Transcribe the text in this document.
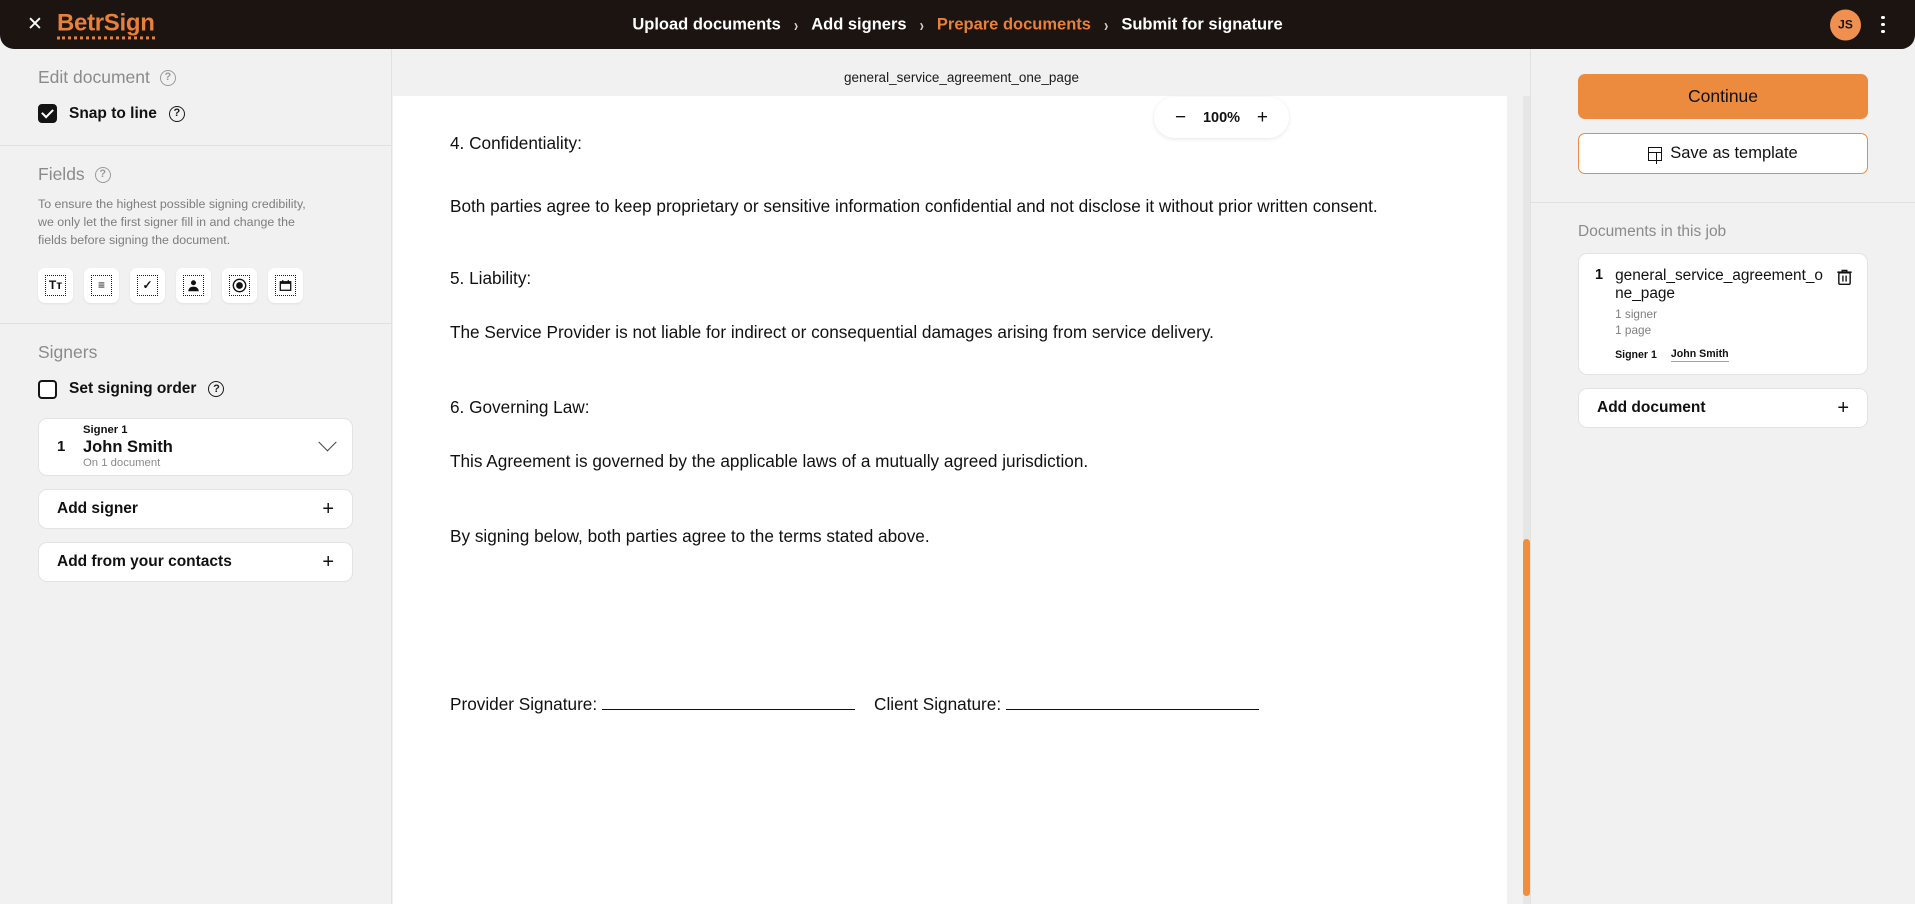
✕ BetrSign	Upload documents › Add signers › Prepare documents › Submit for signature	JS
Edit document	?
Snap to line	?
Fields	?
To ensure the highest possible signing credibility, we only let the first signer fill in and change the fields before signing the document.
Tт	≡	✓
Signers
Set signing order	?
1
Signer 1
John Smith
On 1 document
Add signer	+
Add from your contacts	+
general_service_agreement_one_page
− 100% +

4. Confidentiality:

Both parties agree to keep proprietary or sensitive information confidential and not disclose it without prior written consent.

5. Liability:

The Service Provider is not liable for indirect or consequential damages arising from service delivery.

6. Governing Law:

This Agreement is governed by the applicable laws of a mutually agreed jurisdiction.

By signing below, both parties agree to the terms stated above.

Provider Signature:	Client Signature:
Continue
Save as template
Documents in this job
1 general_service_agreement_one_page
1 signer
1 page
Signer 1 John Smith
Add document	+
